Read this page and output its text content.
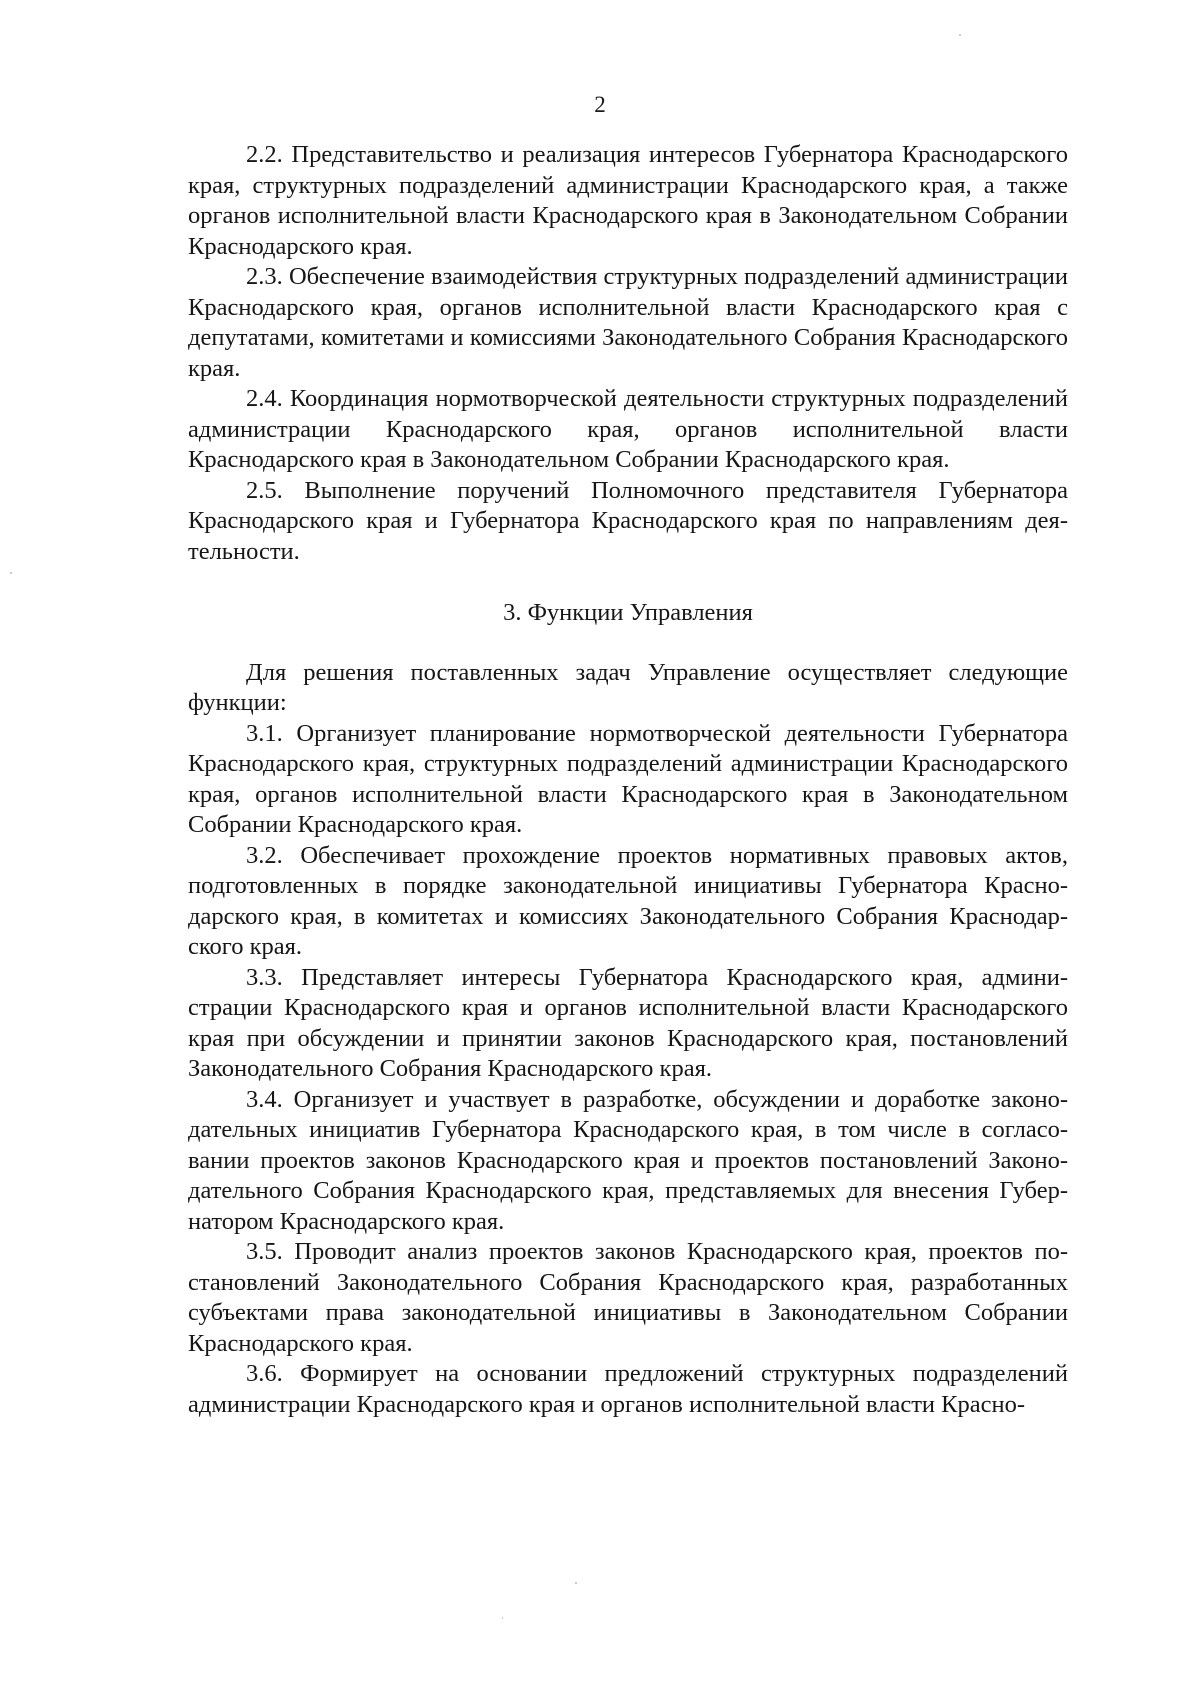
2

2.2. Представительство и реализация интересов Губернатора Краснодарского края, структурных подразделений администрации Краснодарского края, а также органов исполнительной власти Краснодарского края в Законодательном Собрании Краснодарского края.

2.3. Обеспечение взаимодействия структурных подразделений администрации Краснодарского края, органов исполнительной власти Краснодарского края с депутатами, комитетами и комиссиями Законодательного Собрания Краснодарского края.

2.4. Координация нормотворческой деятельности структурных подразделений администрации Краснодарского края, органов исполнительной власти Краснодарского края в Законодательном Собрании Краснодарского края.

2.5. Выполнение поручений Полномочного представителя Губернатора Краснодарского края и Губернатора Краснодарского края по направлениям деятельности.

3. Функции Управления

Для решения поставленных задач Управление осуществляет следующие функции:

3.1. Организует планирование нормотворческой деятельности Губернатора Краснодарского края, структурных подразделений администрации Краснодарского края, органов исполнительной власти Краснодарского края в Законодательном Собрании Краснодарского края.

3.2. Обеспечивает прохождение проектов нормативных правовых актов, подготовленных в порядке законодательной инициативы Губернатора Краснодарского края, в комитетах и комиссиях Законодательного Собрания Краснодарского края.

3.3. Представляет интересы Губернатора Краснодарского края, администрации Краснодарского края и органов исполнительной власти Краснодарского края при обсуждении и принятии законов Краснодарского края, постановлений Законодательного Собрания Краснодарского края.

3.4. Организует и участвует в разработке, обсуждении и доработке законодательных инициатив Губернатора Краснодарского края, в том числе в согласовании проектов законов Краснодарского края и проектов постановлений Законодательного Собрания Краснодарского края, представляемых для внесения Губернатором Краснодарского края.

3.5. Проводит анализ проектов законов Краснодарского края, проектов постановлений Законодательного Собрания Краснодарского края, разработанных субъектами права законодательной инициативы в Законодательном Собрании Краснодарского края.

3.6. Формирует на основании предложений структурных подразделений администрации Краснодарского края и органов исполнительной власти Красно-
